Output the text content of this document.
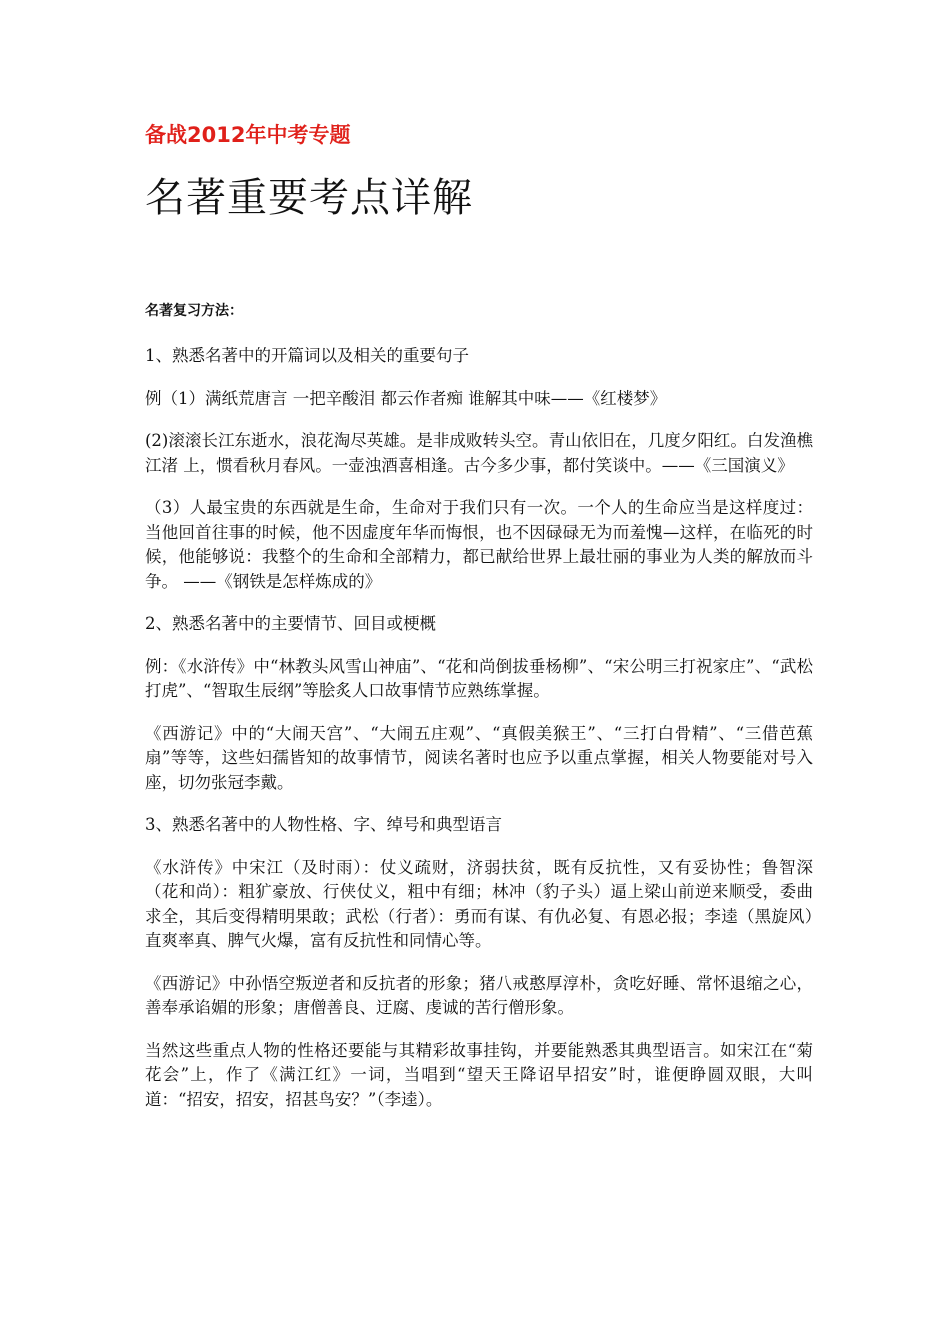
备战2012年中考专题
名著重要考点详解
名著复习方法：

1、熟悉名著中的开篇词以及相关的重要句子

例（1）满纸荒唐言 一把辛酸泪 都云作者痴 谁解其中味——《红楼梦》

(2)滚滚长江东逝水，浪花淘尽英雄。是非成败转头空。青山依旧在，几度夕阳红。白发渔樵江渚 上，惯看秋月春风。一壶浊酒喜相逢。古今多少事，都付笑谈中。——《三国演义》

（3）人最宝贵的东西就是生命，生命对于我们只有一次。一个人的生命应当是这样度过：当他回首往事的时候，他不因虚度年华而悔恨，也不因碌碌无为而羞愧—这样，在临死的时候，他能够说：我整个的生命和全部精力，都已献给世界上最壮丽的事业为人类的解放而斗争。 ——《钢铁是怎样炼成的》

2、熟悉名著中的主要情节、回目或梗概

例：《水浒传》中“林教头风雪山神庙”、“花和尚倒拔垂杨柳”、“宋公明三打祝家庄”、“武松打虎”、“智取生辰纲”等脍炙人口故事情节应熟练掌握。

《西游记》中的“大闹天宫”、“大闹五庄观”、“真假美猴王”、“三打白骨精”、“三借芭蕉扇”等等，这些妇孺皆知的故事情节，阅读名著时也应予以重点掌握，相关人物要能对号入座，切勿张冠李戴。

3、熟悉名著中的人物性格、字、绰号和典型语言

《水浒传》中宋江（及时雨）：仗义疏财，济弱扶贫，既有反抗性，又有妥协性；鲁智深（花和尚）：粗犷豪放、行侠仗义，粗中有细；林冲（豹子头）逼上梁山前逆来顺受，委曲求全，其后变得精明果敢；武松（行者）：勇而有谋、有仇必复、有恩必报；李逵（黑旋风）直爽率真、脾气火爆，富有反抗性和同情心等。

《西游记》中孙悟空叛逆者和反抗者的形象；猪八戒憨厚淳朴，贪吃好睡、常怀退缩之心，善奉承谄媚的形象；唐僧善良、迂腐、虔诚的苦行僧形象。

当然这些重点人物的性格还要能与其精彩故事挂钩，并要能熟悉其典型语言。如宋江在“菊花会”上，作了《满江红》一词，当唱到“望天王降诏早招安”时，谁便睁圆双眼，大叫道：“招安，招安，招甚鸟安？”（李逵）。
